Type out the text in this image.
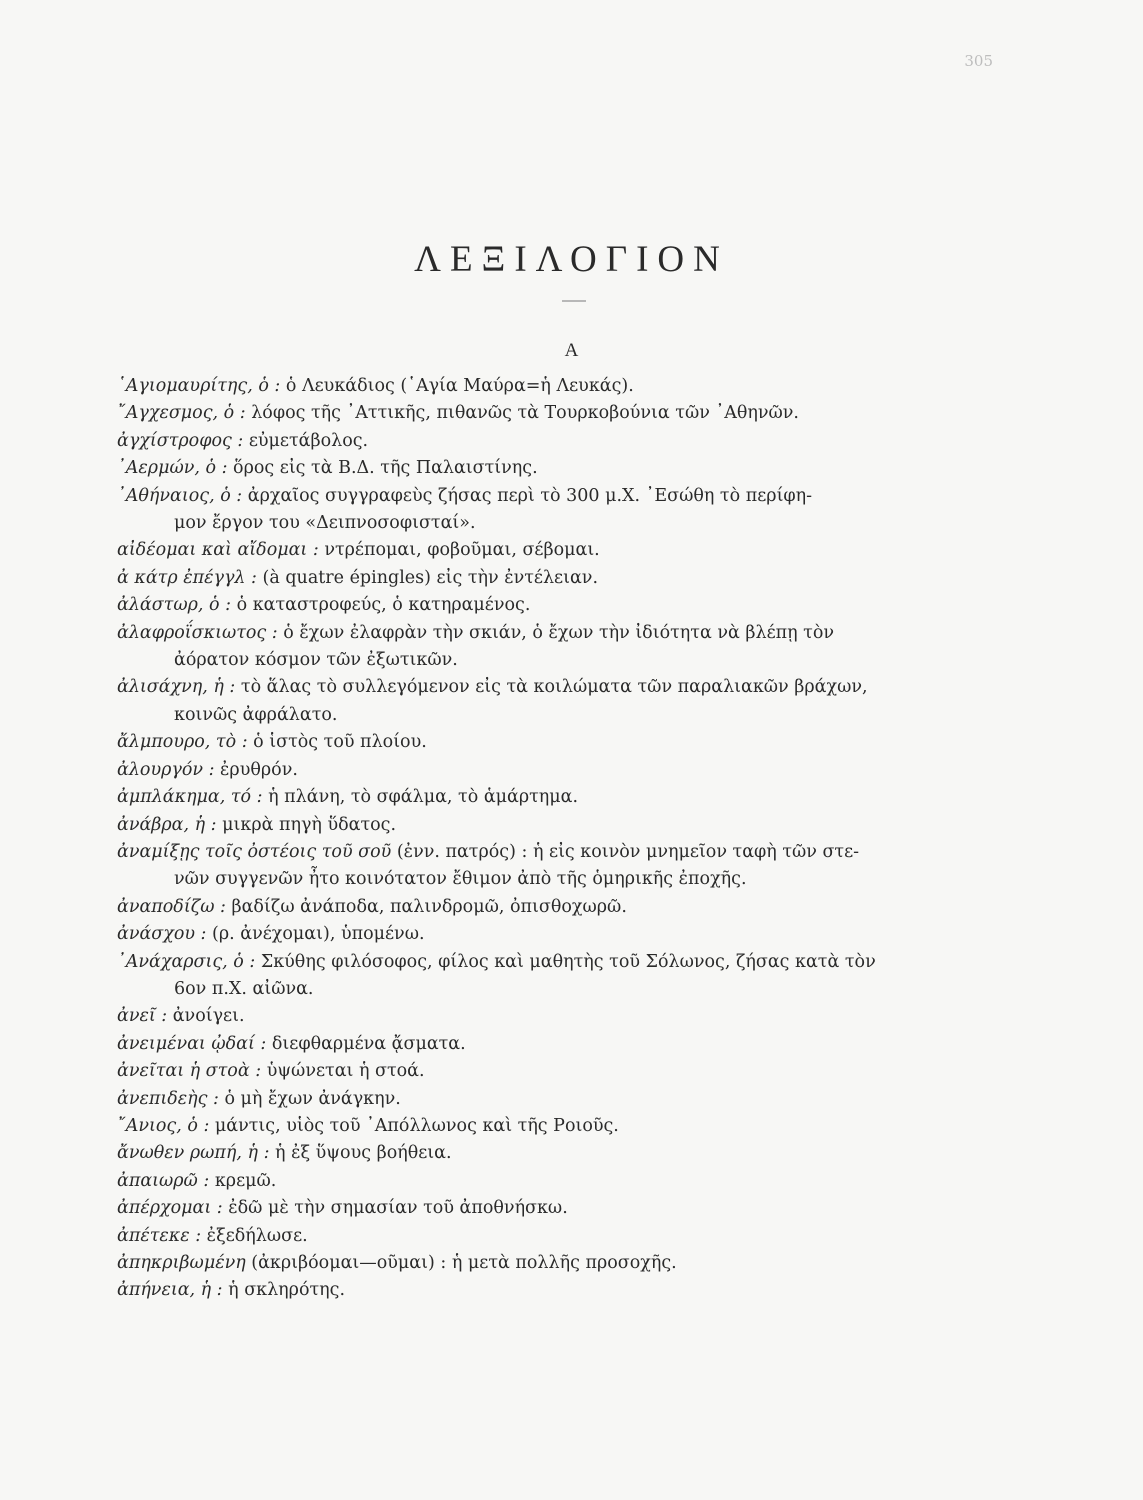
305
ΛΕΞΙΛΟΓΙΟΝ
Α

῾Αγιομαυρίτης, ὁ : ὁ Λευκάδιος (῾Αγία Μαύρα=ἡ Λευκάς).

῎Αγχεσμος, ὁ : λόφος τῆς ᾿Αττικῆς, πιθανῶς τὰ Τουρκοβούνια τῶν ᾿Αθηνῶν.

ἀγχίστροφος : εὐμετάβολος.

᾿Αερμών, ὁ : ὅρος εἰς τὰ Β.Δ. τῆς Παλαιστίνης.

᾿Αθήναιος, ὁ : ἀρχαῖος συγγραφεὺς ζήσας περὶ τὸ 300 μ.Χ. ᾿Εσώθη τὸ περίφη-
μον ἔργον του «Δειπνοσοφισταί».

αἰδέομαι καὶ αἴδομαι : ντρέπομαι, φοβοῦμαι, σέβομαι.

ἀ κάτρ ἐπέγγλ : (à quatre épingles) εἰς τὴν ἐντέλειαν.

ἀλάστωρ, ὁ : ὁ καταστροφεύς, ὁ κατηραμένος.

ἀλαφροΐσκιωτος : ὁ ἔχων ἐλαφρὰν τὴν σκιάν, ὁ ἔχων τὴν ἰδιότητα νὰ βλέπῃ τὸν
ἀόρατον κόσμον τῶν ἐξωτικῶν.

ἀλισάχνη, ἡ : τὸ ἅλας τὸ συλλεγόμενον εἰς τὰ κοιλώματα τῶν παραλιακῶν βράχων,
κοινῶς ἀφράλατο.

ἄλμπουρο, τὸ : ὁ ἱστὸς τοῦ πλοίου.

ἀλουργόν : ἐρυθρόν.

ἀμπλάκημα, τό : ἡ πλάνη, τὸ σφάλμα, τὸ ἁμάρτημα.

ἀνάβρα, ἡ : μικρὰ πηγὴ ὕδατος.

ἀναμίξῃς τοῖς ὀστέοις τοῦ σοῦ (ἐνν. πατρός) : ἡ εἰς κοινὸν μνημεῖον ταφὴ τῶν στε-
νῶν συγγενῶν ἦτο κοινότατον ἔθιμον ἀπὸ τῆς ὁμηρικῆς ἐποχῆς.

ἀναποδίζω : βαδίζω ἀνάποδα, παλινδρομῶ, ὀπισθοχωρῶ.

ἀνάσχου : (ρ. ἀνέχομαι), ὑπομένω.

᾿Ανάχαρσις, ὁ : Σκύθης φιλόσοφος, φίλος καὶ μαθητὴς τοῦ Σόλωνος, ζήσας κατὰ τὸν
6ον π.Χ. αἰῶνα.

ἀνεῖ : ἀνοίγει.

ἀνειμέναι ᾠδαί : διεφθαρμένα ᾄσματα.

ἀνεῖται ἡ στοὰ : ὑψώνεται ἡ στοά.

ἀνεπιδεὴς : ὁ μὴ ἔχων ἀνάγκην.

῎Ανιος, ὁ : μάντις, υἱὸς τοῦ ᾿Απόλλωνος καὶ τῆς Ροιοῦς.

ἄνωθεν ρωπή, ἡ : ἡ ἐξ ὕψους βοήθεια.

ἀπαιωρῶ : κρεμῶ.

ἀπέρχομαι : ἐδῶ μὲ τὴν σημασίαν τοῦ ἀποθνήσκω.

ἀπέτεκε : ἐξεδήλωσε.

ἀπηκριβωμένη (ἀκριβόομαι—οῦμαι) : ἡ μετὰ πολλῆς προσοχῆς.

ἀπήνεια, ἡ : ἡ σκληρότης.
